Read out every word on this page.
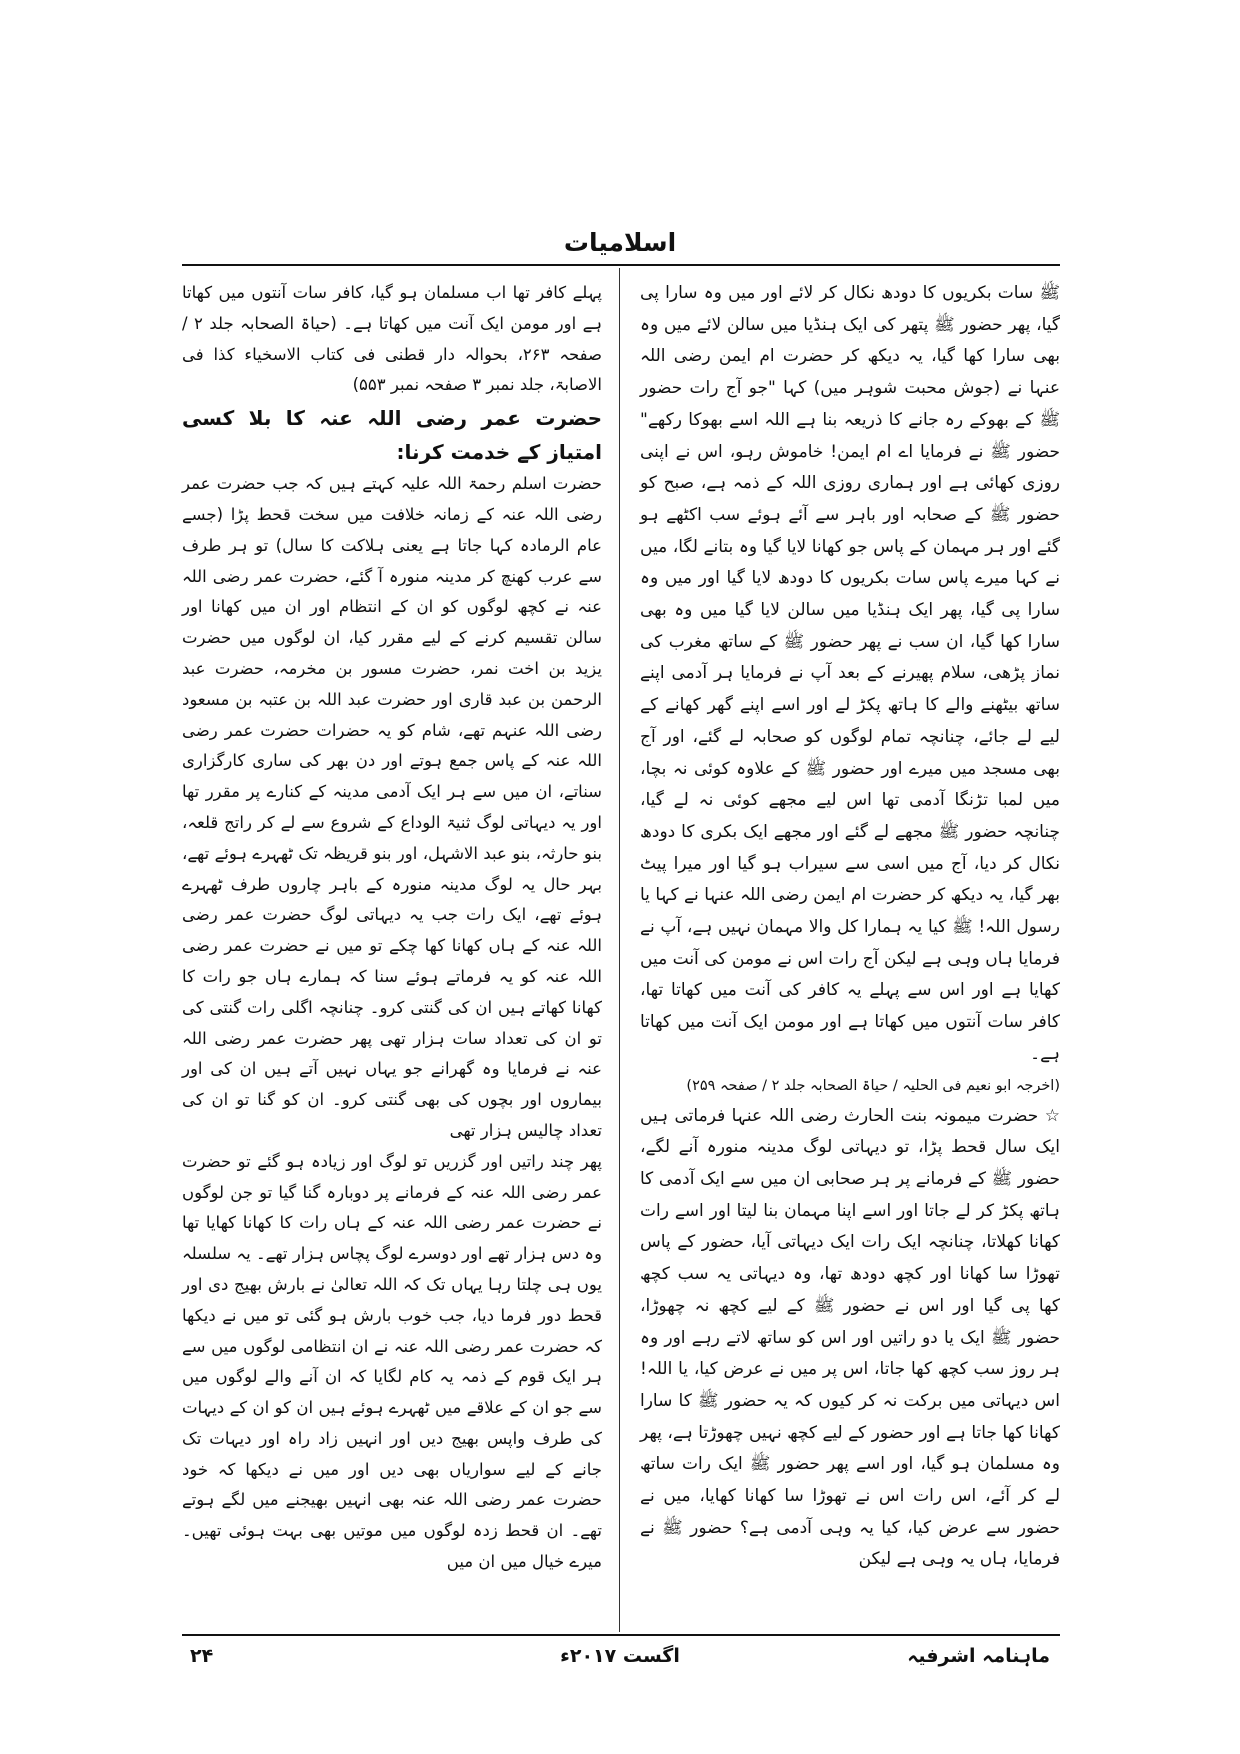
اسلامیات

ﷺ سات بکریوں کا دودھ نکال کر لائے اور میں وہ سارا پی گیا، پھر حضور ﷺ پتھر کی ایک ہنڈیا میں سالن لائے میں وہ بھی سارا کھا گیا، یہ دیکھ کر حضرت ام ایمن رضی اللہ عنہا نے (جوش محبت شوہر میں) کہا "جو آج رات حضور ﷺ کے بھوکے رہ جانے کا ذریعہ بنا ہے اللہ اسے بھوکا رکھے" حضور ﷺ نے فرمایا اے ام ایمن! خاموش رہو، اس نے اپنی روزی کھائی ہے اور ہماری روزی اللہ کے ذمہ ہے، صبح کو حضور ﷺ کے صحابہ اور باہر سے آئے ہوئے سب اکٹھے ہو گئے اور ہر مہمان کے پاس جو کھانا لایا گیا وہ بتانے لگا، میں نے کہا میرے پاس سات بکریوں کا دودھ لایا گیا اور میں وہ سارا پی گیا، پھر ایک ہنڈیا میں سالن لایا گیا میں وہ بھی سارا کھا گیا، ان سب نے پھر حضور ﷺ کے ساتھ مغرب کی نماز پڑھی، سلام پھیرنے کے بعد آپ نے فرمایا ہر آدمی اپنے ساتھ بیٹھنے والے کا ہاتھ پکڑ لے اور اسے اپنے گھر کھانے کے لیے لے جائے، چنانچہ تمام لوگوں کو صحابہ لے گئے، اور آج بھی مسجد میں میرے اور حضور ﷺ کے علاوہ کوئی نہ بچا، میں لمبا تڑنگا آدمی تھا اس لیے مجھے کوئی نہ لے گیا، چنانچہ حضور ﷺ مجھے لے گئے اور مجھے ایک بکری کا دودھ نکال کر دیا، آج میں اسی سے سیراب ہو گیا اور میرا پیٹ بھر گیا، یہ دیکھ کر حضرت ام ایمن رضی اللہ عنہا نے کہا یا رسول اللہ! ﷺ کیا یہ ہمارا کل والا مہمان نہیں ہے، آپ نے فرمایا ہاں وہی ہے لیکن آج رات اس نے مومن کی آنت میں کھایا ہے اور اس سے پہلے یہ کافر کی آنت میں کھاتا تھا، کافر سات آنتوں میں کھاتا ہے اور مومن ایک آنت میں کھاتا ہے۔

(اخرجہ ابو نعیم فی الحلیہ / حیاۃ الصحابہ جلد ۲ / صفحہ ۲۵۹)

☆ حضرت میمونہ بنت الحارث رضی اللہ عنہا فرماتی ہیں ایک سال قحط پڑا، تو دیہاتی لوگ مدینہ منورہ آنے لگے، حضور ﷺ کے فرمانے پر ہر صحابی ان میں سے ایک آدمی کا ہاتھ پکڑ کر لے جاتا اور اسے اپنا مہمان بنا لیتا اور اسے رات کھانا کھلاتا، چنانچہ ایک رات ایک دیہاتی آیا، حضور کے پاس تھوڑا سا کھانا اور کچھ دودھ تھا، وہ دیہاتی یہ سب کچھ کھا پی گیا اور اس نے حضور ﷺ کے لیے کچھ نہ چھوڑا، حضور ﷺ ایک یا دو راتیں اور اس کو ساتھ لاتے رہے اور وہ ہر روز سب کچھ کھا جاتا، اس پر میں نے عرض کیا، یا اللہ! اس دیہاتی میں برکت نہ کر کیوں کہ یہ حضور ﷺ کا سارا کھانا کھا جاتا ہے اور حضور کے لیے کچھ نہیں چھوڑتا ہے، پھر وہ مسلمان ہو گیا، اور اسے پھر حضور ﷺ ایک رات ساتھ لے کر آئے، اس رات اس نے تھوڑا سا کھانا کھایا، میں نے حضور سے عرض کیا، کیا یہ وہی آدمی ہے؟ حضور ﷺ نے فرمایا، ہاں یہ وہی ہے لیکن

پہلے کافر تھا اب مسلمان ہو گیا، کافر سات آنتوں میں کھاتا ہے اور مومن ایک آنت میں کھاتا ہے۔ (حیاۃ الصحابہ جلد ۲ / صفحہ ۲۶۳، بحوالہ دار قطنی فی کتاب الاسخیاء کذا فی الاصابۃ، جلد نمبر ۳ صفحہ نمبر ۵۵۳)

حضرت عمر رضی اللہ عنہ کا بلا کسی امتیاز کے خدمت کرنا:

حضرت اسلم رحمۃ اللہ علیہ کہتے ہیں کہ جب حضرت عمر رضی اللہ عنہ کے زمانہ خلافت میں سخت قحط پڑا (جسے عام الرمادہ کہا جاتا ہے یعنی ہلاکت کا سال) تو ہر طرف سے عرب کھنچ کر مدینہ منورہ آ گئے، حضرت عمر رضی اللہ عنہ نے کچھ لوگوں کو ان کے انتظام اور ان میں کھانا اور سالن تقسیم کرنے کے لیے مقرر کیا، ان لوگوں میں حضرت یزید بن اخت نمر، حضرت مسور بن مخرمہ، حضرت عبد الرحمن بن عبد قاری اور حضرت عبد اللہ بن عتبہ بن مسعود رضی اللہ عنہم تھے، شام کو یہ حضرات حضرت عمر رضی اللہ عنہ کے پاس جمع ہوتے اور دن بھر کی ساری کارگزاری سناتے، ان میں سے ہر ایک آدمی مدینہ کے کنارے پر مقرر تھا اور یہ دیہاتی لوگ ثنیۃ الوداع کے شروع سے لے کر راتج قلعہ، بنو حارثہ، بنو عبد الاشہل، اور بنو قریظہ تک ٹھہرے ہوئے تھے، بہر حال یہ لوگ مدینہ منورہ کے باہر چاروں طرف ٹھہرے ہوئے تھے، ایک رات جب یہ دیہاتی لوگ حضرت عمر رضی اللہ عنہ کے ہاں کھانا کھا چکے تو میں نے حضرت عمر رضی اللہ عنہ کو یہ فرماتے ہوئے سنا کہ ہمارے ہاں جو رات کا کھانا کھاتے ہیں ان کی گنتی کرو۔ چنانچہ اگلی رات گنتی کی تو ان کی تعداد سات ہزار تھی پھر حضرت عمر رضی اللہ عنہ نے فرمایا وہ گھرانے جو یہاں نہیں آتے ہیں ان کی اور بیماروں اور بچوں کی بھی گنتی کرو۔ ان کو گنا تو ان کی تعداد چالیس ہزار تھی

پھر چند راتیں اور گزریں تو لوگ اور زیادہ ہو گئے تو حضرت عمر رضی اللہ عنہ کے فرمانے پر دوبارہ گنا گیا تو جن لوگوں نے حضرت عمر رضی اللہ عنہ کے ہاں رات کا کھانا کھایا تھا وہ دس ہزار تھے اور دوسرے لوگ پچاس ہزار تھے۔ یہ سلسلہ یوں ہی چلتا رہا یہاں تک کہ اللہ تعالیٰ نے بارش بھیج دی اور قحط دور فرما دیا، جب خوب بارش ہو گئی تو میں نے دیکھا کہ حضرت عمر رضی اللہ عنہ نے ان انتظامی لوگوں میں سے ہر ایک قوم کے ذمہ یہ کام لگایا کہ ان آنے والے لوگوں میں سے جو ان کے علاقے میں ٹھہرے ہوئے ہیں ان کو ان کے دیہات کی طرف واپس بھیج دیں اور انہیں زاد راہ اور دیہات تک جانے کے لیے سواریاں بھی دیں اور میں نے دیکھا کہ خود حضرت عمر رضی اللہ عنہ بھی انہیں بھیجنے میں لگے ہوتے تھے۔ ان قحط زدہ لوگوں میں موتیں بھی بہت ہوئی تھیں۔ میرے خیال میں ان میں

۲۴	اگست ۲۰۱۷ء	ماہنامہ اشرفیہ
